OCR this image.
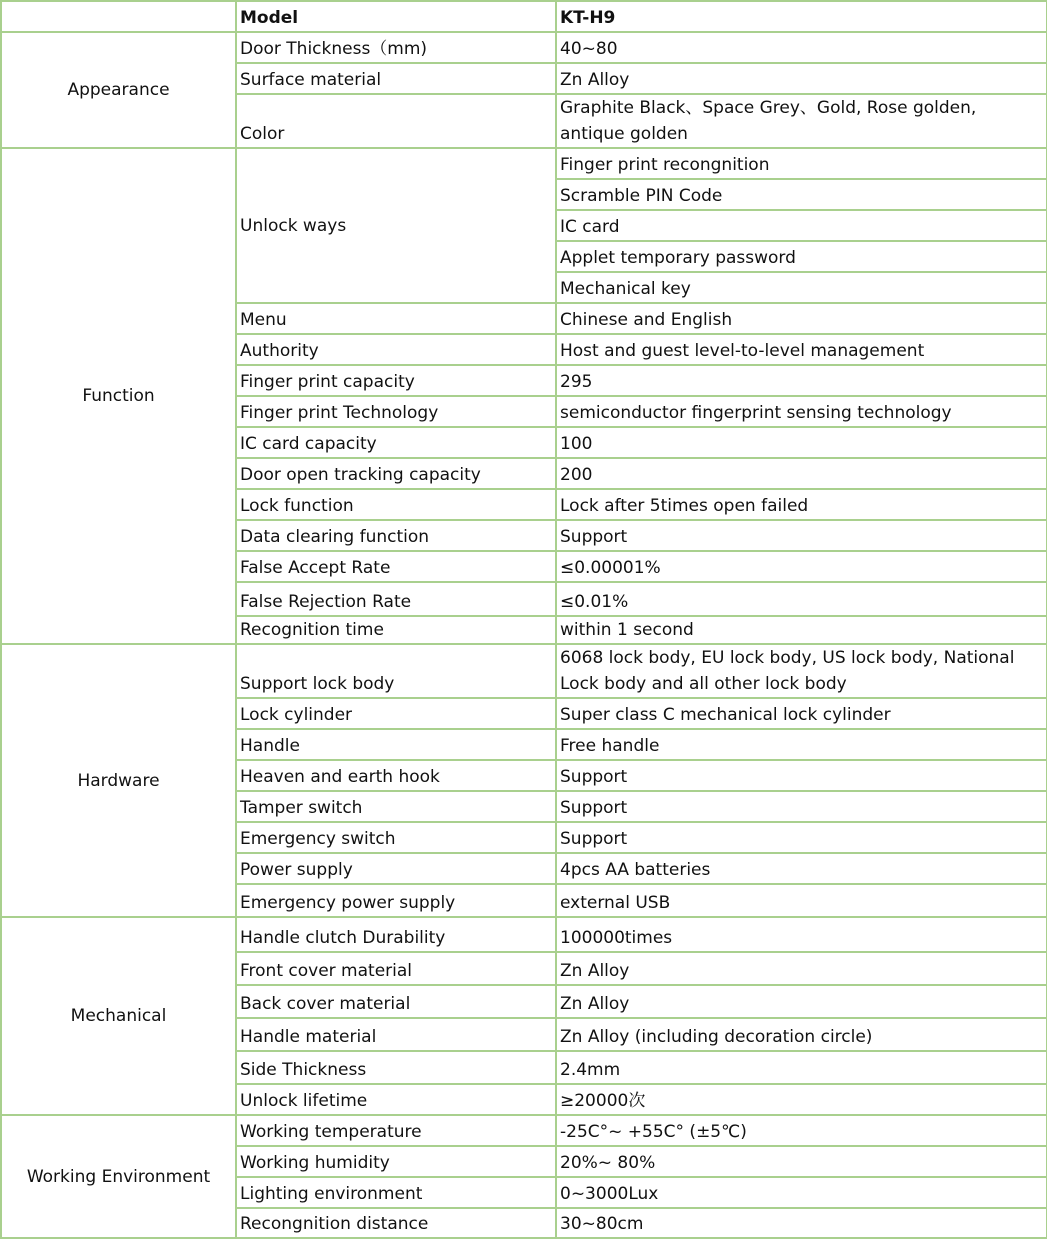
	Model	KT-H9
Appearance	Door Thickness（mm)	40~80
	Surface material	Zn Alloy
	Color	Graphite Black、Space Grey、Gold, Rose golden, antique golden
Function	Unlock ways	Finger print recongnition
		Scramble PIN Code
		IC card
		Applet temporary password
		Mechanical key
	Menu	Chinese and English
	Authority	Host and guest level-to-level management
	Finger print capacity	295
	Finger print Technology	semiconductor fingerprint sensing technology
	IC card capacity	100
	Door open tracking capacity	200
	Lock function	Lock after 5times open failed
	Data clearing function	Support
	False Accept Rate	≤0.00001%
	False Rejection Rate	≤0.01%
	Recognition time	within 1 second
Hardware	Support lock body	6068 lock body, EU lock body, US lock body, National Lock body and all other lock body
	Lock cylinder	Super class C mechanical lock cylinder
	Handle	Free handle
	Heaven and earth hook	Support
	Tamper switch	Support
	Emergency switch	Support
	Power supply	4pcs AA batteries
	Emergency power supply	external USB
Mechanical	Handle clutch Durability	100000times
	Front cover material	Zn Alloy
	Back cover material	Zn Alloy
	Handle material	Zn Alloy (including decoration circle)
	Side Thickness	2.4mm
	Unlock lifetime	≥20000次
Working Environment	Working temperature	-25C°~ +55C° (±5℃)
	Working humidity	20%~ 80%
	Lighting environment	0~3000Lux
	Recongnition distance	30~80cm
